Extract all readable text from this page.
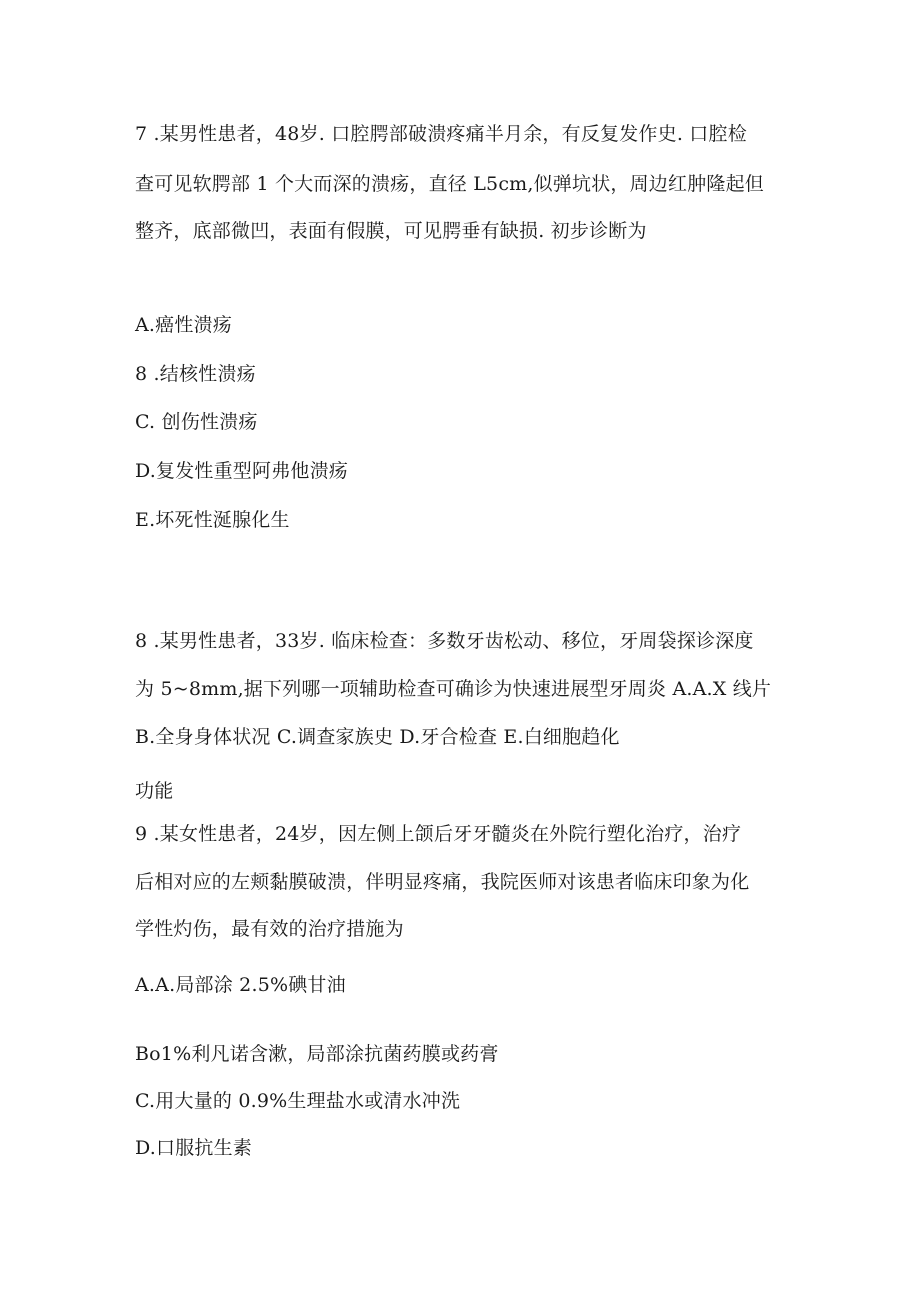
7 .某男性患者，48岁. 口腔腭部破溃疼痛半月余，有反复发作史. 口腔检
查可见软腭部 1 个大而深的溃疡，直径 L5cm,似弹坑状，周边红肿隆起但
整齐，底部微凹，表面有假膜，可见腭垂有缺损. 初步诊断为
A.癌性溃疡
8 .结核性溃疡
C. 创伤性溃疡
D.复发性重型阿弗他溃疡
E.坏死性涎腺化生
8 .某男性患者，33岁. 临床检查：多数牙齿松动、移位，牙周袋探诊深度
为 5~8mm,据下列哪一项辅助检查可确诊为快速进展型牙周炎 A.A.X 线片
B.全身身体状况 C.调查家族史 D.牙合检查 E.白细胞趋化
功能
9 .某女性患者，24岁，因左侧上颌后牙牙髓炎在外院行塑化治疗，治疗
后相对应的左颊黏膜破溃，伴明显疼痛，我院医师对该患者临床印象为化
学性灼伤，最有效的治疗措施为
A.A.局部涂 2.5%碘甘油
Bo1%利凡诺含漱，局部涂抗菌药膜或药膏
C.用大量的 0.9%生理盐水或清水冲洗
D.口服抗生素
